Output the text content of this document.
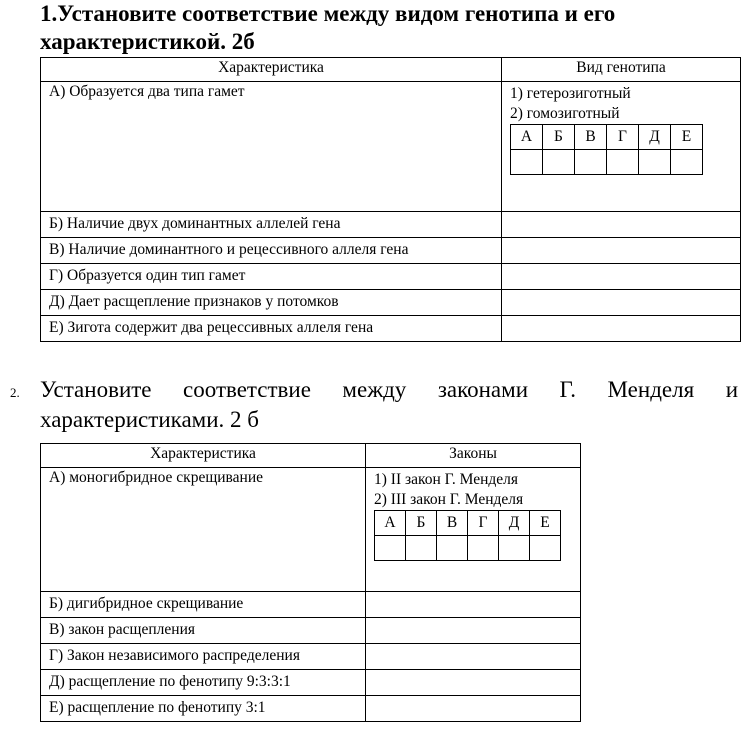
1.Установите соответствие между видом генотипа и его
характеристикой. 2б
Характеристика	Вид генотипа
А) Образуется два типа гамет	1) гетерозиготный
2) гомозиготный
А	Б	В	Г	Д	Е

Б) Наличие двух доминантных аллелей гена	
В) Наличие доминантного и рецессивного аллеля гена	
Г) Образуется один тип гамет	
Д) Дает расщепление признаков у потомков	
Е) Зигота содержит два рецессивных аллеля гена	
2. Установите соответствие между законами Г. Менделя и
характеристиками. 2 б
Характеристика	Законы
А) моногибридное скрещивание	1) II закон Г. Менделя
2) III закон Г. Менделя
А	Б	В	Г	Д	Е

Б) дигибридное скрещивание	
В) закон расщепления	
Г) Закон независимого распределения	
Д) расщепление по фенотипу 9:3:3:1	
Е) расщепление по фенотипу 3:1	
